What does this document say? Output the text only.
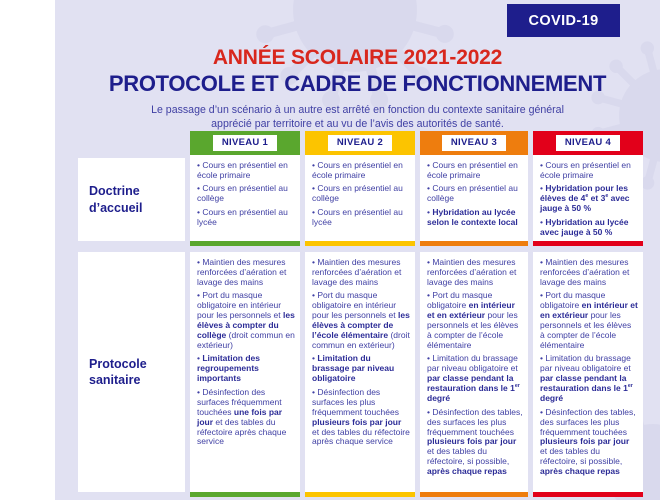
COVID-19
ANNÉE SCOLAIRE 2021-2022
PROTOCOLE ET CADRE DE FONCTIONNEMENT
Le passage d’un scénario à un autre est arrêté en fonction du contexte sanitaire général
apprécié par territoire et au vu de l’avis des autorités de santé.
Doctrine d’accueil
Protocole sanitaire
NIVEAU 1

• Cours en présentiel en école primaire

• Cours en présentiel au collège

• Cours en présentiel au lycée

• Maintien des mesures renforcées d’aération et lavage des mains

• Port du masque obligatoire en intérieur pour les personnels et les élèves à compter du collège (droit commun en extérieur)

• Limitation des regroupements importants

• Désinfection des surfaces fréquemment touchées une fois par jour et des tables du réfectoire après chaque service

NIVEAU 2

• Cours en présentiel en école primaire

• Cours en présentiel au collège

• Cours en présentiel au lycée

• Maintien des mesures renforcées d’aération et lavage des mains

• Port du masque obligatoire en intérieur pour les personnels et les élèves à compter de l’école élémentaire (droit commun en extérieur)

• Limitation du brassage par niveau obligatoire

• Désinfection des surfaces les plus fréquemment touchées plusieurs fois par jour et des tables du réfectoire après chaque service

NIVEAU 3

• Cours en présentiel en école primaire

• Cours en présentiel au collège

• Hybridation au lycée selon le contexte local

• Maintien des mesures renforcées d’aération et lavage des mains

• Port du masque obligatoire en intérieur et en extérieur pour les personnels et les élèves à compter de l’école élémentaire

• Limitation du brassage par niveau obligatoire et par classe pendant la restauration dans le 1er degré

• Désinfection des tables, des surfaces les plus fréquemment touchées plusieurs fois par jour et des tables du réfectoire, si possible, après chaque repas

NIVEAU 4

• Cours en présentiel en école primaire

• Hybridation pour les élèves de 4e et 3e avec jauge à 50 %

• Hybridation au lycée avec jauge à 50 %

• Maintien des mesures renforcées d’aération et lavage des mains

• Port du masque obligatoire en intérieur et en extérieur pour les personnels et les élèves à compter de l’école élémentaire

• Limitation du brassage par niveau obligatoire et par classe pendant la restauration dans le 1er degré

• Désinfection des tables, des surfaces les plus fréquemment touchées plusieurs fois par jour et des tables du réfectoire, si possible, après chaque repas
